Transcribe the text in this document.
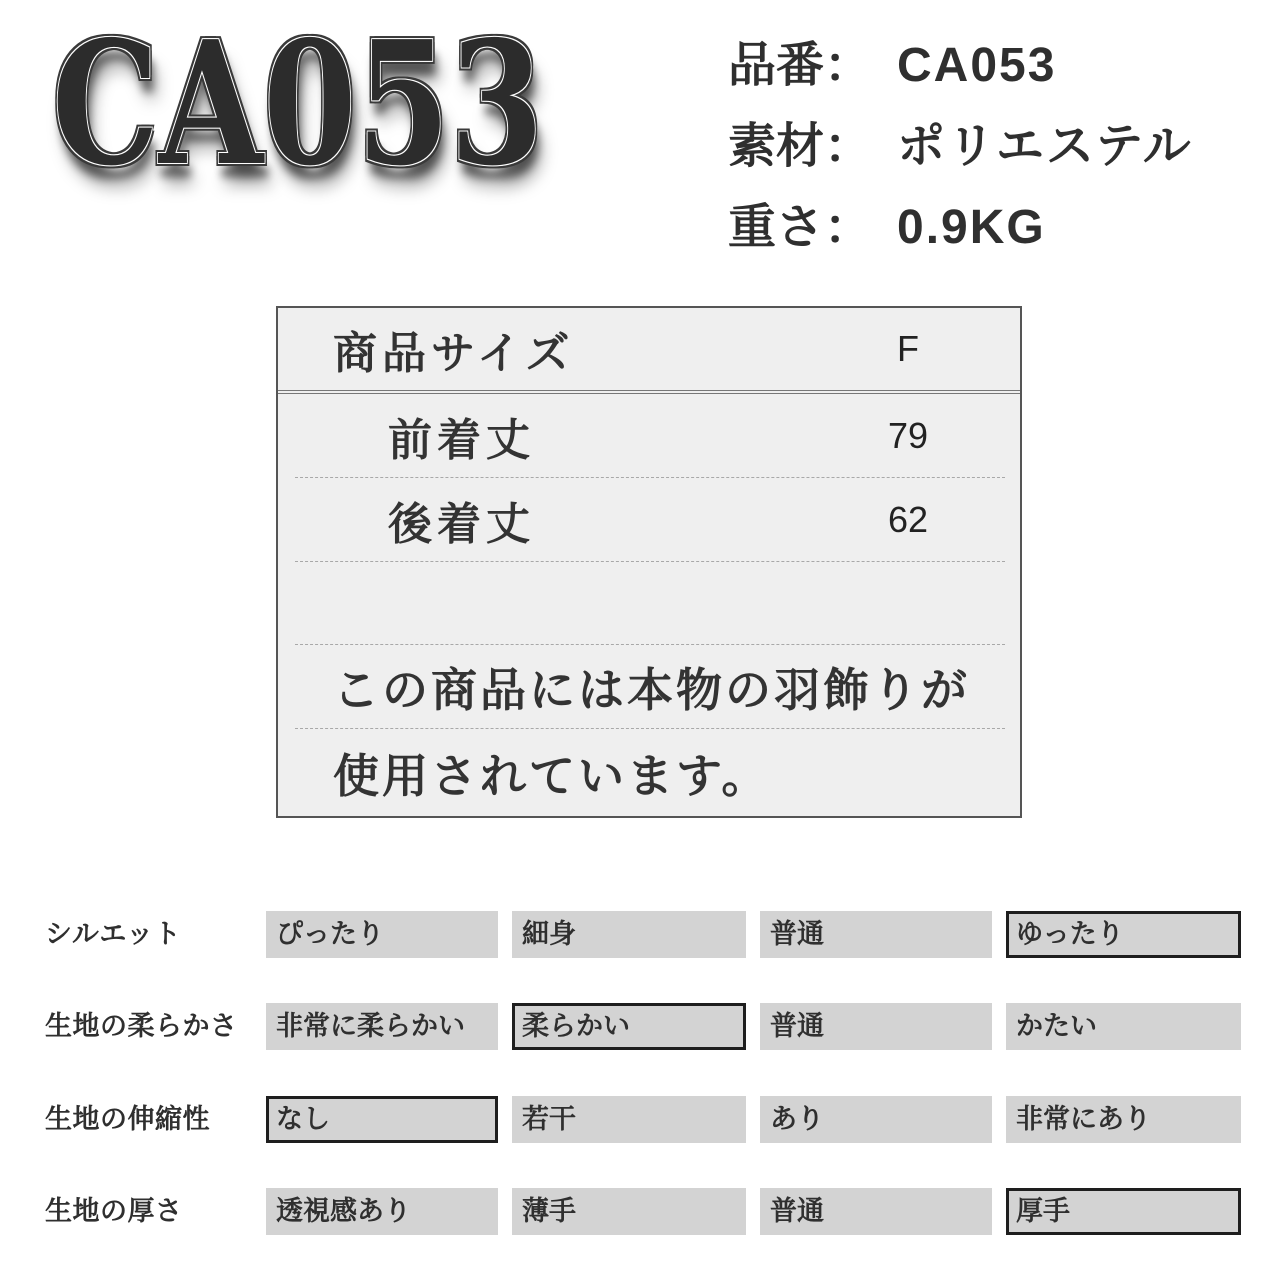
CA053	品番： CA053
素材： ポリエステル
重さ： 0.9KG
商品サイズ	F
前着丈	79
後着丈	62
この商品には本物の羽飾りが
使用されています。
シルエット	ぴったり	細身	普通	ゆったり
生地の柔らかさ	非常に柔らかい	柔らかい	普通	かたい
生地の伸縮性	なし	若干	あり	非常にあり
生地の厚さ	透視感あり	薄手	普通	厚手
